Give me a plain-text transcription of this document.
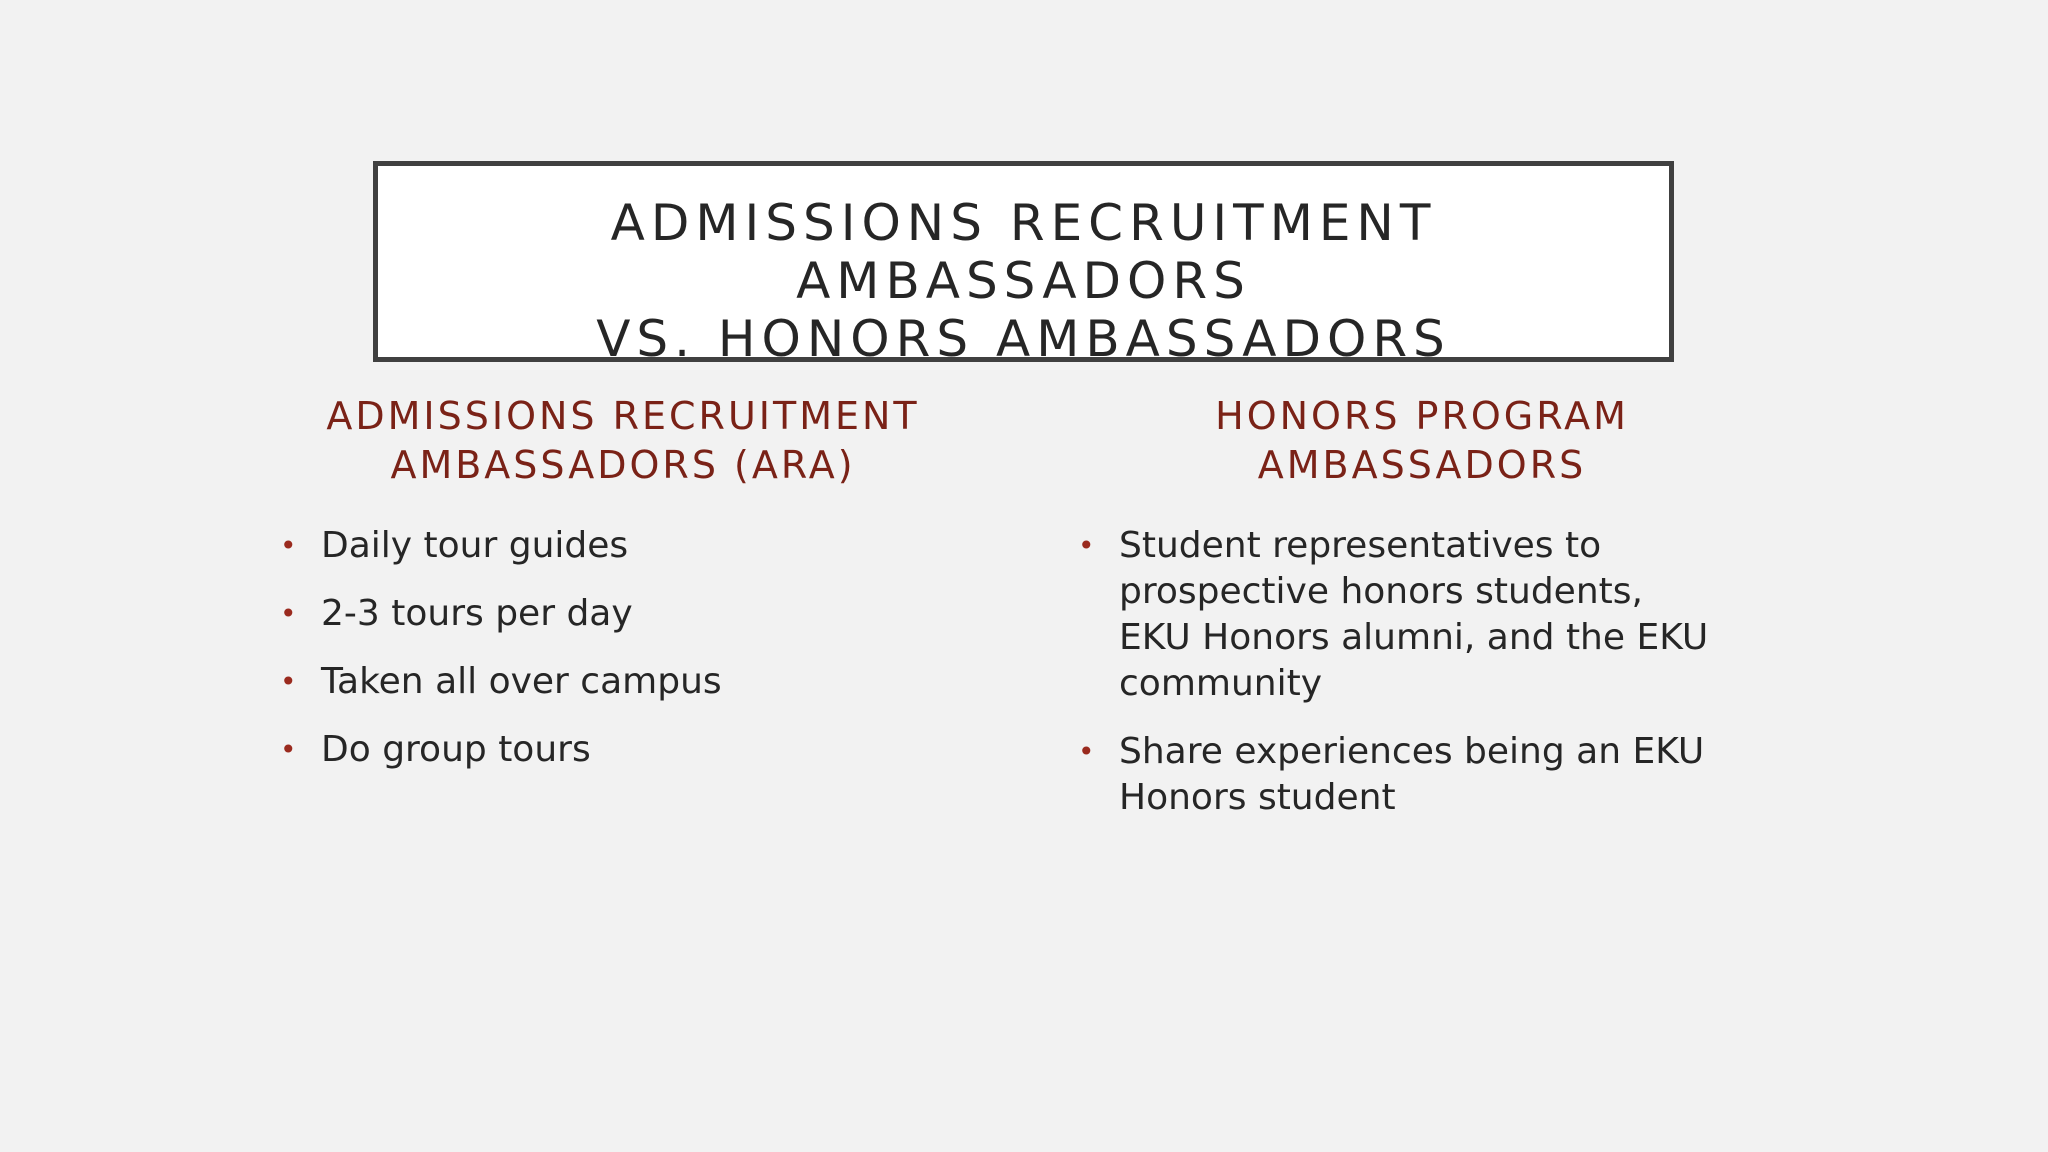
ADMISSIONS RECRUITMENT AMBASSADORS
VS. HONORS AMBASSADORS
ADMISSIONS RECRUITMENT
AMBASSADORS (ARA)
HONORS PROGRAM
AMBASSADORS
• Daily tour guides
• 2-3 tours per day
• Taken all over campus
• Do group tours
• Student representatives to prospective honors students, EKU Honors alumni, and the EKU community
• Share experiences being an EKU Honors student
